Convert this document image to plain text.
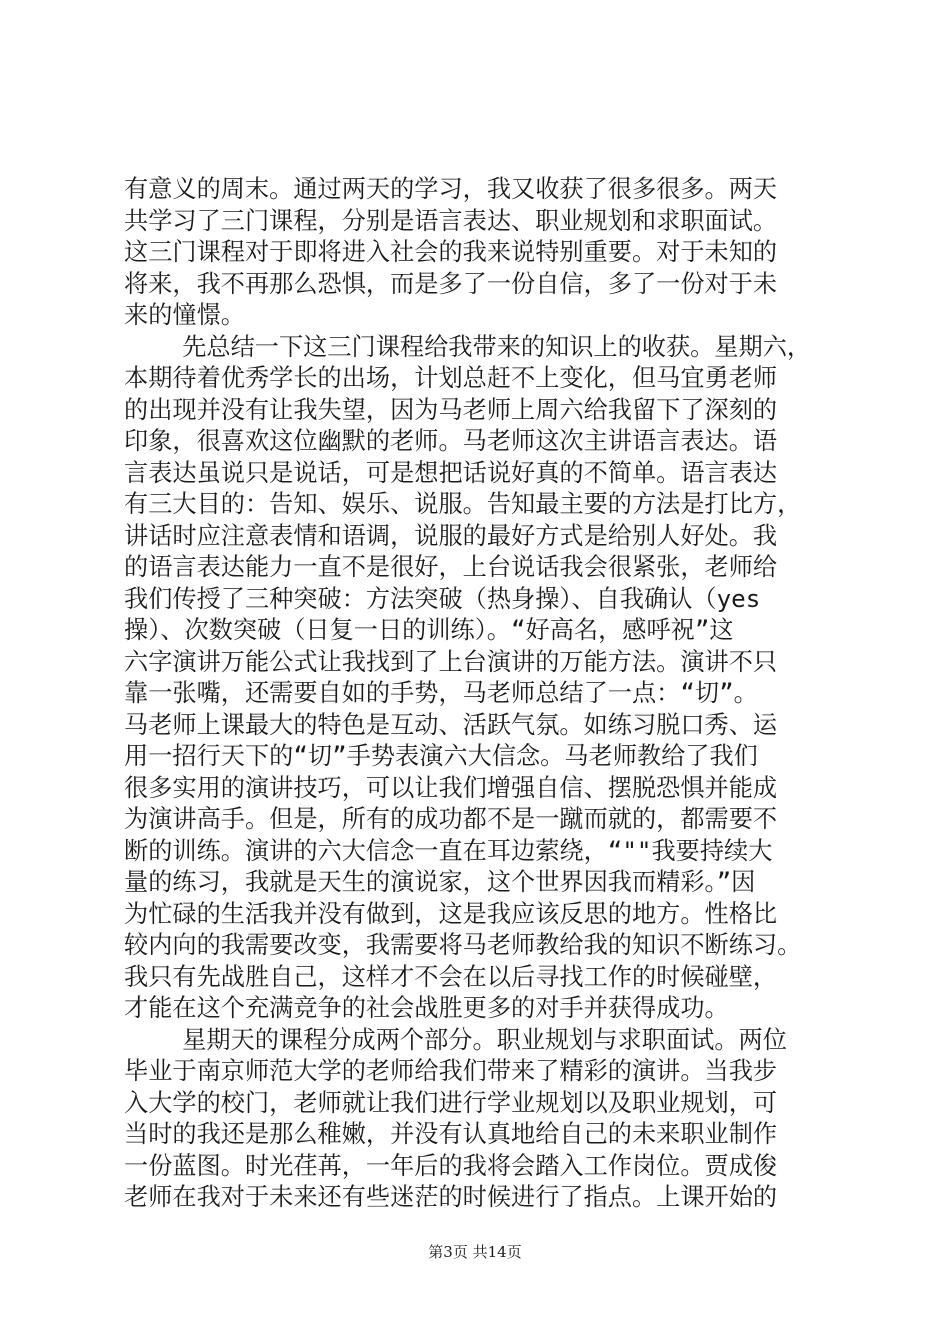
有意义的周末。通过两天的学习，我又收获了很多很多。两天
共学习了三门课程，分别是语言表达、职业规划和求职面试。
这三门课程对于即将进入社会的我来说特别重要。对于未知的
将来，我不再那么恐惧，而是多了一份自信，多了一份对于未
来的憧憬。
先总结一下这三门课程给我带来的知识上的收获。星期六，
本期待着优秀学长的出场，计划总赶不上变化，但马宜勇老师
的出现并没有让我失望，因为马老师上周六给我留下了深刻的
印象，很喜欢这位幽默的老师。马老师这次主讲语言表达。语
言表达虽说只是说话，可是想把话说好真的不简单。语言表达
有三大目的：告知、娱乐、说服。告知最主要的方法是打比方，
讲话时应注意表情和语调，说服的最好方式是给别人好处。我
的语言表达能力一直不是很好，上台说话我会很紧张，老师给
我们传授了三种突破：方法突破（热身操）、自我确认（yes
操）、次数突破（日复一日的训练）。“好高名，感呼祝”这
六字演讲万能公式让我找到了上台演讲的万能方法。演讲不只
靠一张嘴，还需要自如的手势，马老师总结了一点：“切”。
马老师上课最大的特色是互动、活跃气氛。如练习脱口秀、运
用一招行天下的“切”手势表演六大信念。马老师教给了我们
很多实用的演讲技巧，可以让我们增强自信、摆脱恐惧并能成
为演讲高手。但是，所有的成功都不是一蹴而就的，都需要不
断的训练。演讲的六大信念一直在耳边萦绕，“""我要持续大
量的练习，我就是天生的演说家，这个世界因我而精彩。”因
为忙碌的生活我并没有做到，这是我应该反思的地方。性格比
较内向的我需要改变，我需要将马老师教给我的知识不断练习。
我只有先战胜自己，这样才不会在以后寻找工作的时候碰壁，
才能在这个充满竞争的社会战胜更多的对手并获得成功。
星期天的课程分成两个部分。职业规划与求职面试。两位
毕业于南京师范大学的老师给我们带来了精彩的演讲。当我步
入大学的校门，老师就让我们进行学业规划以及职业规划，可
当时的我还是那么稚嫩，并没有认真地给自己的未来职业制作
一份蓝图。时光荏苒，一年后的我将会踏入工作岗位。贾成俊
老师在我对于未来还有些迷茫的时候进行了指点。上课开始的
第3页 共14页
